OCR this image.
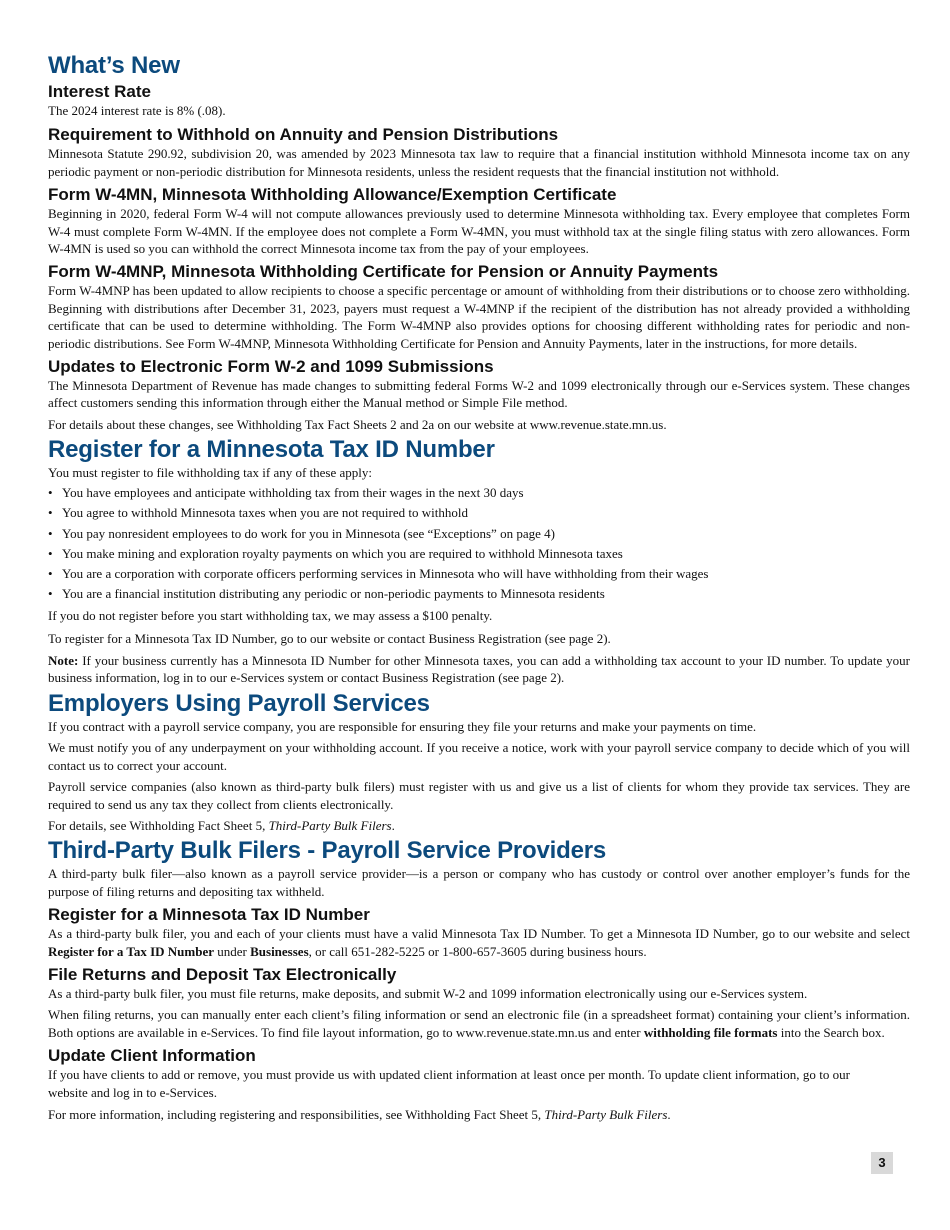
What’s New
Interest Rate

The 2024 interest rate is 8% (.08).

Requirement to Withhold on Annuity and Pension Distributions

Minnesota Statute 290.92, subdivision 20, was amended by 2023 Minnesota tax law to require that a financial institution withhold Minnesota income tax on any periodic payment or non-periodic distribution for Minnesota residents, unless the resident requests that the financial institution not withhold.

Form W-4MN, Minnesota Withholding Allowance/Exemption Certificate

Beginning in 2020, federal Form W-4 will not compute allowances previously used to determine Minnesota withholding tax. Every employee that completes Form W-4 must complete Form W-4MN. If the employee does not complete a Form W-4MN, you must withhold tax at the single filing status with zero allowances. Form W-4MN is used so you can withhold the correct Minnesota income tax from the pay of your employees.

Form W-4MNP, Minnesota Withholding Certificate for Pension or Annuity Payments

Form W-4MNP has been updated to allow recipients to choose a specific percentage or amount of withholding from their distributions or to choose zero withholding. Beginning with distributions after December 31, 2023, payers must request a W-4MNP if the recipient of the distribution has not already provided a withholding certificate that can be used to determine withholding. The Form W-4MNP also provides options for choosing different withholding rates for periodic and non-periodic distributions. See Form W-4MNP, Minnesota Withholding Certificate for Pension and Annuity Payments, later in the instructions, for more details.

Updates to Electronic Form W-2 and 1099 Submissions

The Minnesota Department of Revenue has made changes to submitting federal Forms W-2 and 1099 electronically through our e-Services system. These changes affect customers sending this information through either the Manual method or Simple File method.

For details about these changes, see Withholding Tax Fact Sheets 2 and 2a on our website at www.revenue.state.mn.us.

Register for a Minnesota Tax ID Number

You must register to file withholding tax if any of these apply:

• You have employees and anticipate withholding tax from their wages in the next 30 days
• You agree to withhold Minnesota taxes when you are not required to withhold
• You pay nonresident employees to do work for you in Minnesota (see “Exceptions” on page 4)
• You make mining and exploration royalty payments on which you are required to withhold Minnesota taxes
• You are a corporation with corporate officers performing services in Minnesota who will have withholding from their wages
• You are a financial institution distributing any periodic or non-periodic payments to Minnesota residents

If you do not register before you start withholding tax, we may assess a $100 penalty.

To register for a Minnesota Tax ID Number, go to our website or contact Business Registration (see page 2).

Note: If your business currently has a Minnesota ID Number for other Minnesota taxes, you can add a withholding tax account to your ID number. To update your business information, log in to our e-Services system or contact Business Registration (see page 2).

Employers Using Payroll Services

If you contract with a payroll service company, you are responsible for ensuring they file your returns and make your payments on time.

We must notify you of any underpayment on your withholding account. If you receive a notice, work with your payroll service company to decide which of you will contact us to correct your account.

Payroll service companies (also known as third-party bulk filers) must register with us and give us a list of clients for whom they provide tax services. They are required to send us any tax they collect from clients electronically.

For details, see Withholding Fact Sheet 5, Third-Party Bulk Filers.

Third-Party Bulk Filers - Payroll Service Providers

A third-party bulk filer—also known as a payroll service provider—is a person or company who has custody or control over another employer’s funds for the purpose of filing returns and depositing tax withheld.

Register for a Minnesota Tax ID Number

As a third-party bulk filer, you and each of your clients must have a valid Minnesota Tax ID Number. To get a Minnesota ID Number, go to our website and select Register for a Tax ID Number under Businesses, or call 651-282-5225 or 1-800-657-3605 during business hours.

File Returns and Deposit Tax Electronically

As a third-party bulk filer, you must file returns, make deposits, and submit W-2 and 1099 information electronically using our e-Services system.

When filing returns, you can manually enter each client’s filing information or send an electronic file (in a spreadsheet format) containing your client’s information. Both options are available in e-Services. To find file layout information, go to www.revenue.state.mn.us and enter withholding file formats into the Search box.

Update Client Information

If you have clients to add or remove, you must provide us with updated client information at least once per month. To update client information, go to our website and log in to e-Services.

For more information, including registering and responsibilities, see Withholding Fact Sheet 5, Third-Party Bulk Filers.

3
